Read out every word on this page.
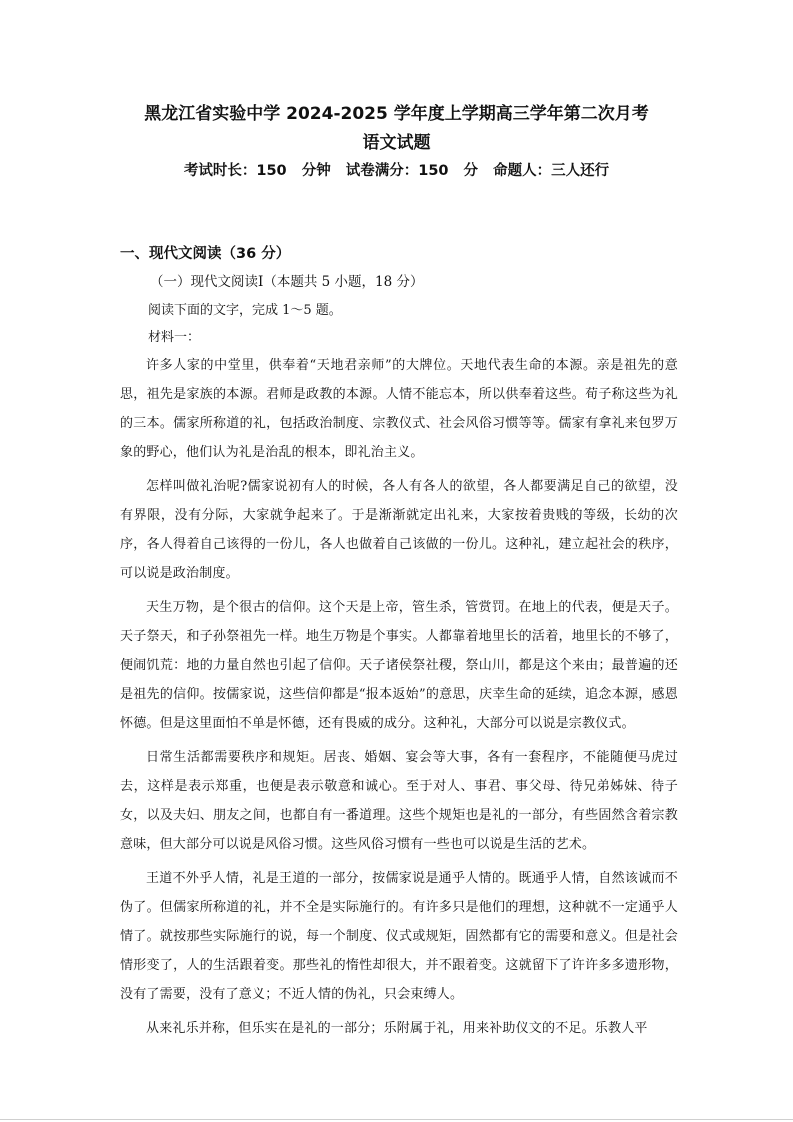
黑龙江省实验中学 2024-2025 学年度上学期高三学年第二次月考
语文试题
考试时长：150 分钟 试卷满分：150 分 命题人：三人还行
一、现代文阅读（36 分）
（一）现代文阅读Ⅰ（本题共 5 小题，18 分）
阅读下面的文字，完成 1～5 题。
材料一：

许多人家的中堂里，供奉着“天地君亲师”的大牌位。天地代表生命的本源。亲是祖先的意思，祖先是家族的本源。君师是政教的本源。人情不能忘本，所以供奉着这些。荀子称这些为礼的三本。儒家所称道的礼，包括政治制度、宗教仪式、社会风俗习惯等等。儒家有拿礼来包罗万象的野心，他们认为礼是治乱的根本，即礼治主义。

怎样叫做礼治呢?儒家说初有人的时候，各人有各人的欲望，各人都要满足自己的欲望，没有界限，没有分际，大家就争起来了。于是渐渐就定出礼来，大家按着贵贱的等级，长幼的次序，各人得着自己该得的一份儿，各人也做着自己该做的一份儿。这种礼，建立起社会的秩序，可以说是政治制度。

天生万物，是个很古的信仰。这个天是上帝，管生杀，管赏罚。在地上的代表，便是天子。天子祭天，和子孙祭祖先一样。地生万物是个事实。人都靠着地里长的活着，地里长的不够了，便闹饥荒：地的力量自然也引起了信仰。天子诸侯祭社稷，祭山川，都是这个来由；最普遍的还是祖先的信仰。按儒家说，这些信仰都是“报本返始”的意思，庆幸生命的延续，追念本源，感恩怀德。但是这里面怕不单是怀德，还有畏威的成分。这种礼，大部分可以说是宗教仪式。

日常生活都需要秩序和规矩。居丧、婚姻、宴会等大事，各有一套程序，不能随便马虎过去，这样是表示郑重，也便是表示敬意和诚心。至于对人、事君、事父母、待兄弟姊妹、待子女，以及夫妇、朋友之间，也都自有一番道理。这些个规矩也是礼的一部分，有些固然含着宗教意味，但大部分可以说是风俗习惯。这些风俗习惯有一些也可以说是生活的艺术。

王道不外乎人情，礼是王道的一部分，按儒家说是通乎人情的。既通乎人情，自然该诚而不伪了。但儒家所称道的礼，并不全是实际施行的。有许多只是他们的理想，这种就不一定通乎人情了。就按那些实际施行的说，每一个制度、仪式或规矩，固然都有它的需要和意义。但是社会情形变了，人的生活跟着变。那些礼的惰性却很大，并不跟着变。这就留下了许许多多遗形物，没有了需要，没有了意义；不近人情的伪礼，只会束缚人。

从来礼乐并称，但乐实在是礼的一部分；乐附属于礼，用来补助仪文的不足。乐教人平
